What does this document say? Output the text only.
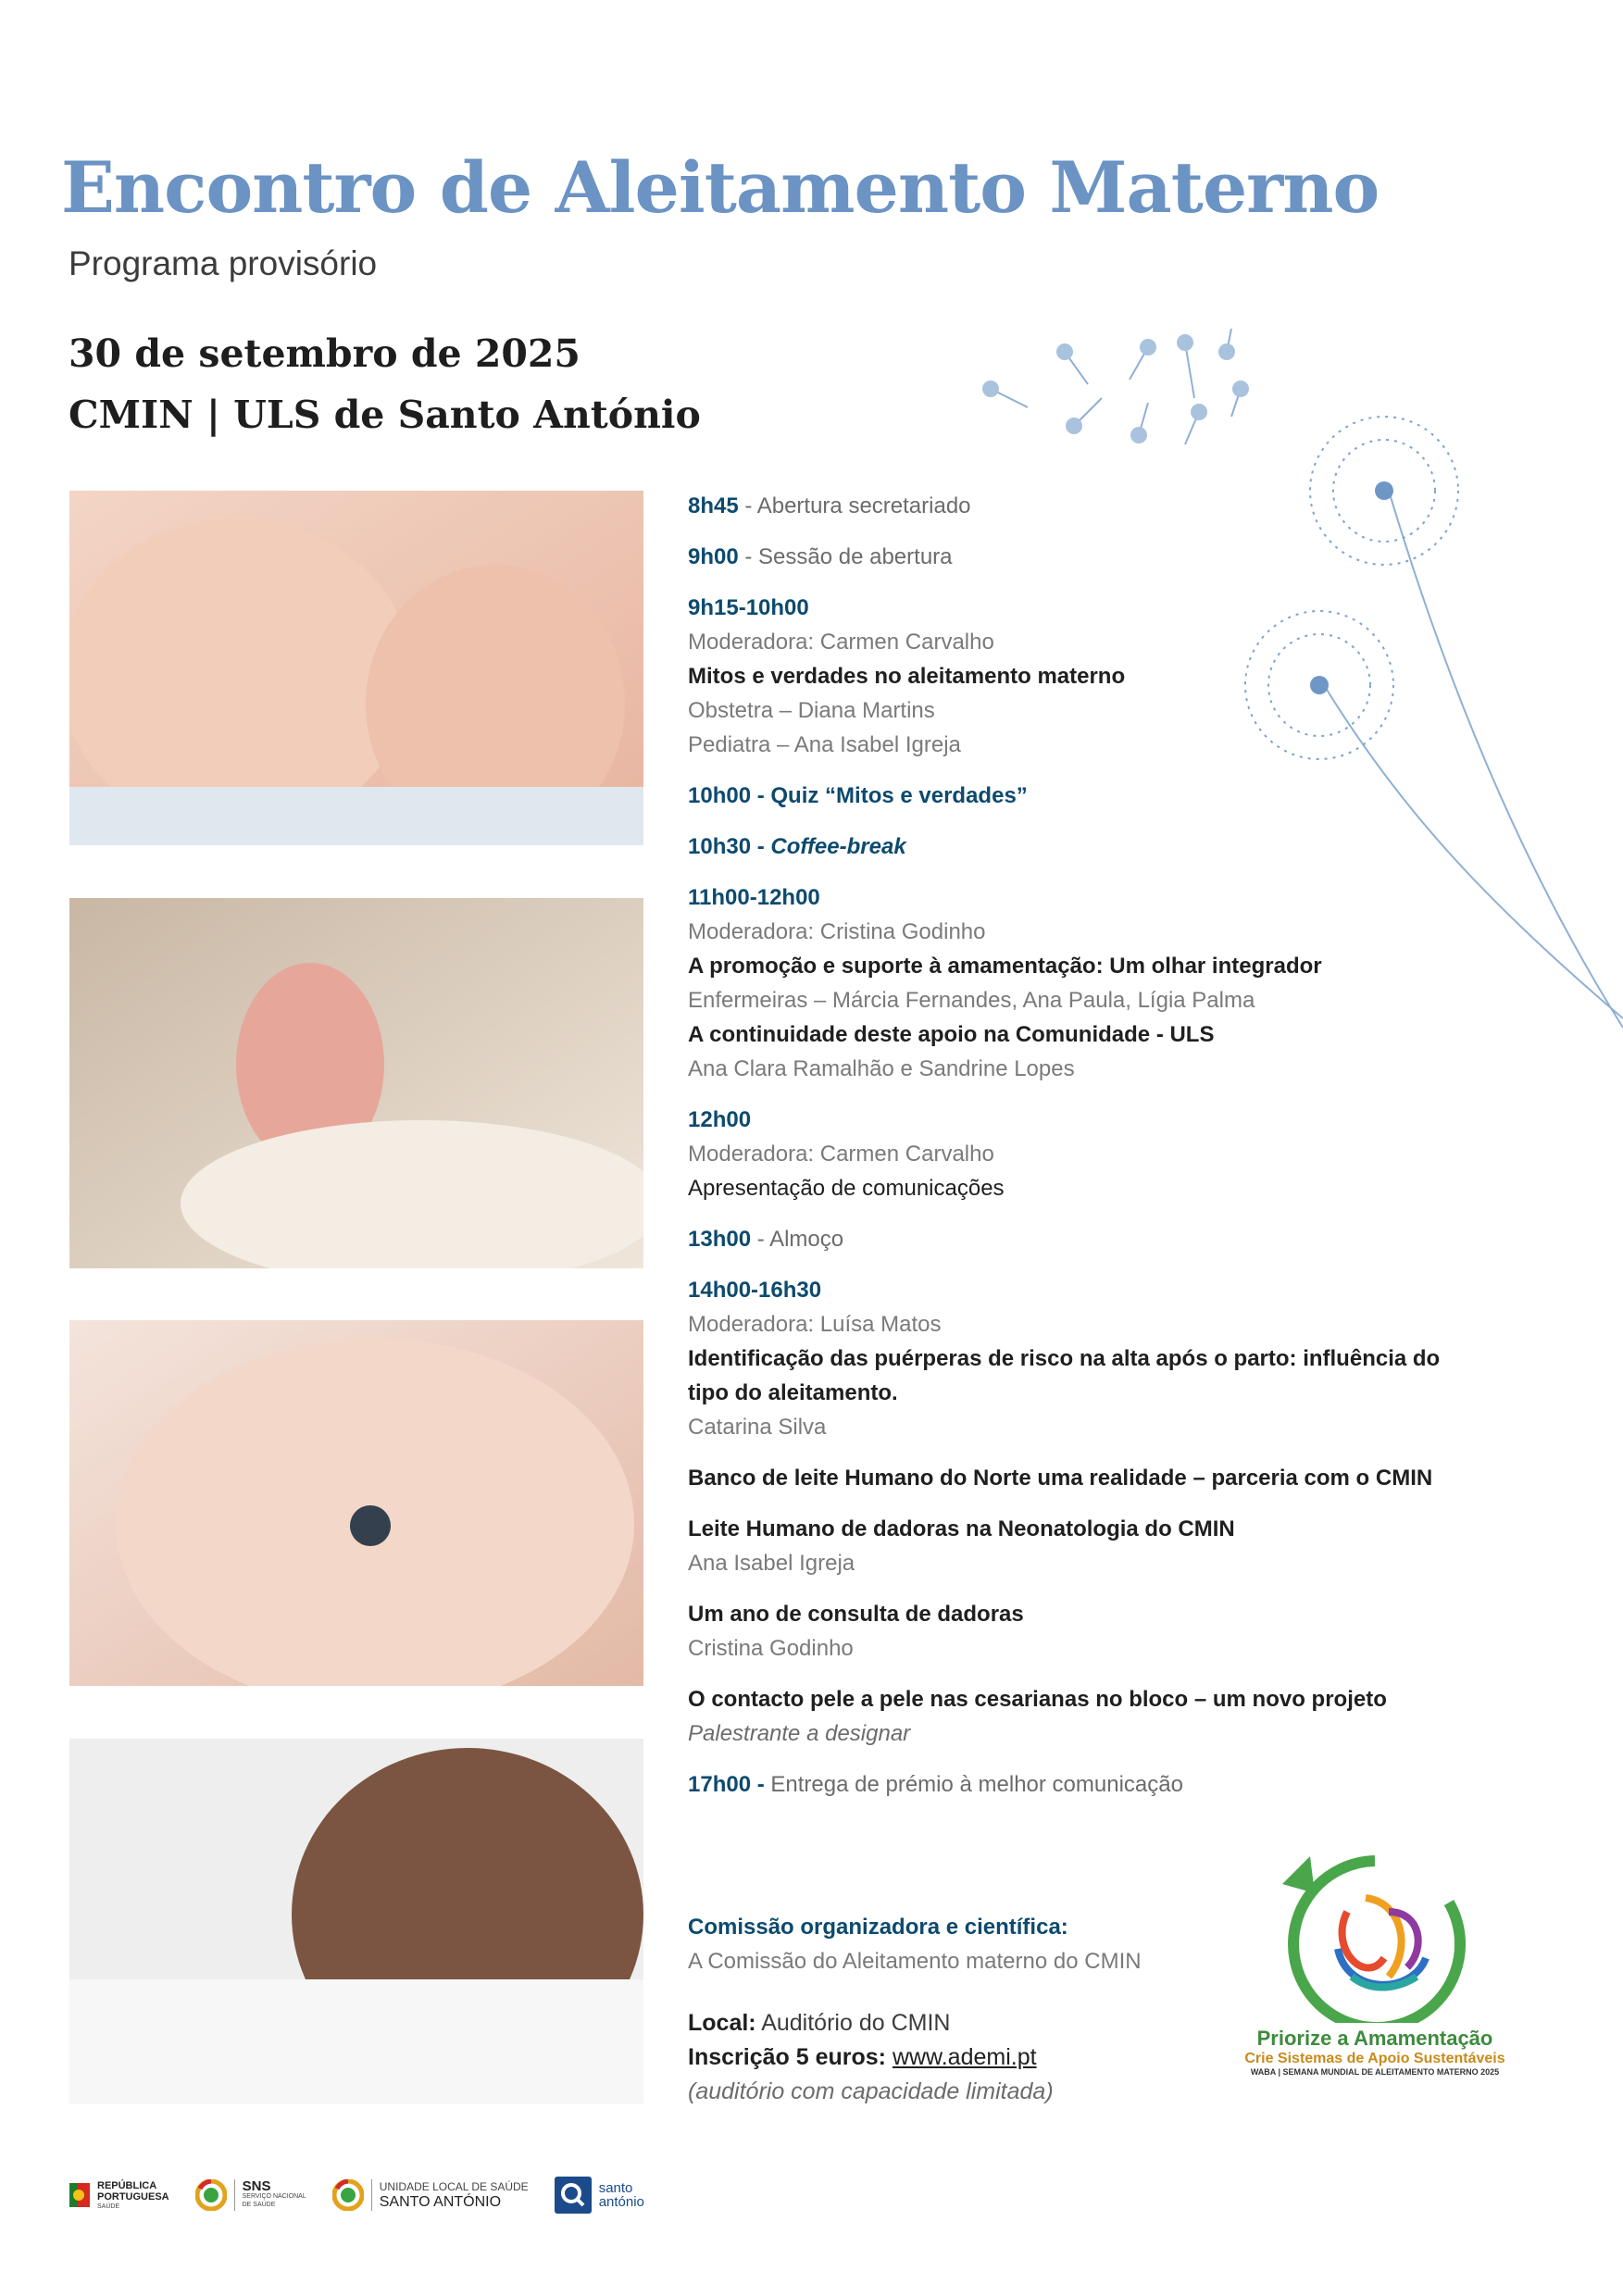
Encontro de Aleitamento Materno
Programa provisório
30 de setembro de 2025
CMIN | ULS de Santo António
8h45 - Abertura secretariado
9h00 - Sessão de abertura
9h15-10h00
Moderadora: Carmen Carvalho
Mitos e verdades no aleitamento materno
Obstetra – Diana Martins
Pediatra – Ana Isabel Igreja
10h00 - Quiz “Mitos e verdades”
10h30 - Coffee-break
11h00-12h00
Moderadora: Cristina Godinho
A promoção e suporte à amamentação: Um olhar integrador
Enfermeiras – Márcia Fernandes, Ana Paula, Lígia Palma
A continuidade deste apoio na Comunidade - ULS
Ana Clara Ramalhão e Sandrine Lopes
12h00
Moderadora: Carmen Carvalho
Apresentação de comunicações
13h00 - Almoço
14h00-16h30
Moderadora: Luísa Matos
Identificação das puérperas de risco na alta após o parto: influência do tipo do aleitamento.
Catarina Silva
Banco de leite Humano do Norte uma realidade – parceria com o CMIN
Leite Humano de dadoras na Neonatologia do CMIN
Ana Isabel Igreja
Um ano de consulta de dadoras
Cristina Godinho
O contacto pele a pele nas cesarianas no bloco – um novo projeto
Palestrante a designar
17h00 - Entrega de prémio à melhor comunicação
Comissão organizadora e científica:
A Comissão do Aleitamento materno do CMIN
Local: Auditório do CMIN
Inscrição 5 euros: www.ademi.pt
(auditório com capacidade limitada)
Priorize a Amamentação
Crie Sistemas de Apoio Sustentáveis
WABA | SEMANA MUNDIAL DE ALEITAMENTO MATERNO 2025
REPÚBLICA
PORTUGUESA
SAÚDE
SNS
SERVIÇO NACIONAL
DE SAÚDE
UNIDADE LOCAL DE SAÚDE
SANTO ANTÓNIO
santo
antónio
